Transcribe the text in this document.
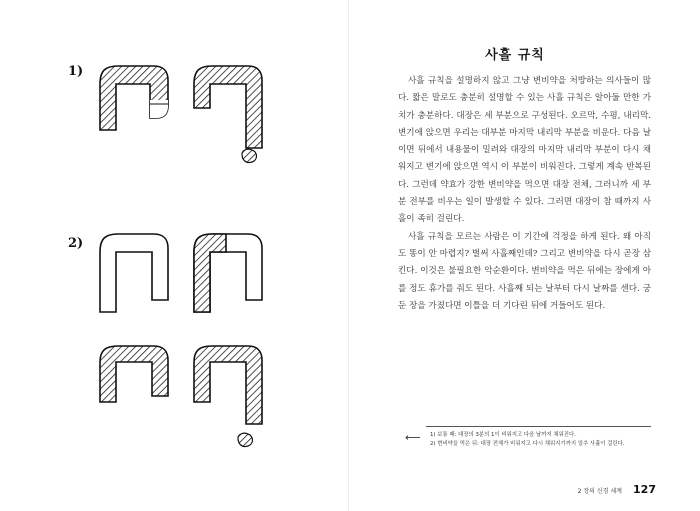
1)
2)
사흘 규칙

사흘 규칙을 설명하지 않고 그냥 변비약을 처방하는 의사들이 많다. 짧은 말로도 충분히 설명할 수 있는 사흘 규칙은 알아둘 만한 가치가 충분하다. 대장은 세 부분으로 구성된다. 오르막, 수평, 내리막. 변기에 앉으면 우리는 대부분 마지막 내리막 부분을 비운다. 다음 날이면 뒤에서 내용물이 밀려와 대장의 마지막 내리막 부분이 다시 채워지고 변기에 앉으면 역시 이 부분이 비워진다. 그렇게 계속 반복된다. 그런데 약효가 강한 변비약을 먹으면 대장 전체, 그러니까 세 부분 전부를 비우는 일이 발생할 수 있다. 그러면 대장이 참 때까지 사흘이 족히 걸린다.

사흘 규칙을 모르는 사람은 이 기간에 걱정을 하게 된다. 왜 아직도 똥이 안 마렵지? 벌써 사흘째인데? 그리고 변비약을 다시 곧장 삼킨다. 이것은 불필요한 악순환이다. 변비약을 먹은 뒤에는 장에게 아를 정도 휴가를 줘도 된다. 사흘째 되는 날부터 다시 날짜를 센다. 궁둔 장을 가졌다면 이틀을 더 기다린 뒤에 거들어도 된다.

⟵ 1) 보통 때: 대장의 3분의 1이 비워지고 다음 날까지 채워진다.
2) 변비약을 먹은 뒤: 대장 전체가 비워지고 다시 채워지기까지 얼추 사흘이 걸린다.
2 장의 신경 세계 127
